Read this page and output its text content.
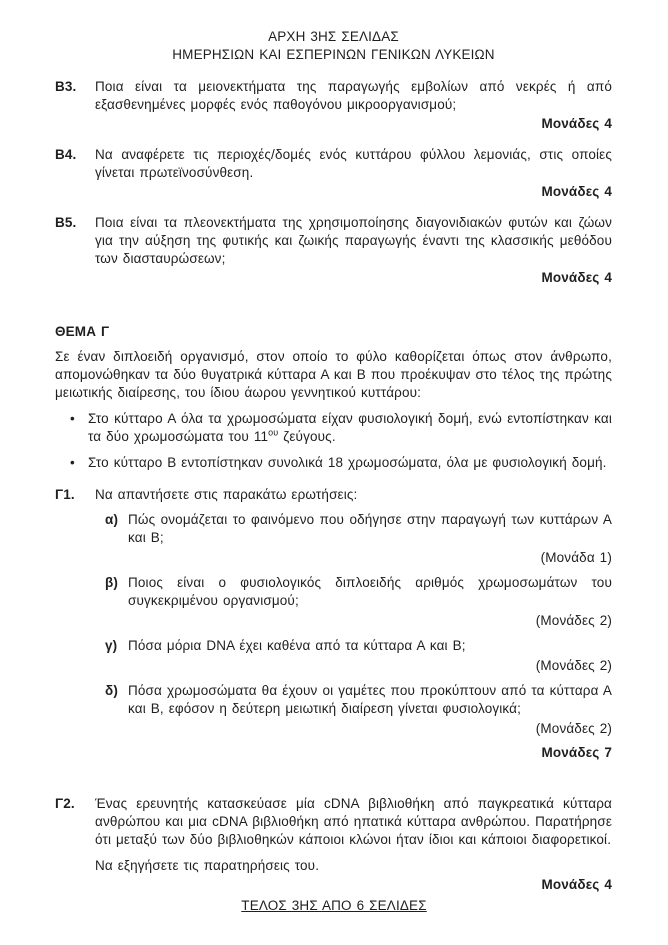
ΑΡΧΗ 3ΗΣ ΣΕΛΙΔΑΣ
ΗΜΕΡΗΣΙΩΝ ΚΑΙ ΕΣΠΕΡΙΝΩΝ ΓΕΝΙΚΩΝ ΛΥΚΕΙΩΝ
Β3.	Ποια είναι τα μειονεκτήματα της παραγωγής εμβολίων από νεκρές ή από εξασθενημένες μορφές ενός παθογόνου μικροοργανισμού;

Μονάδες 4
Β4.	Να αναφέρετε τις περιοχές/δομές ενός κυττάρου φύλλου λεμονιάς, στις οποίες γίνεται πρωτεϊνοσύνθεση.

Μονάδες 4
Β5.	Ποια είναι τα πλεονεκτήματα της χρησιμοποίησης διαγονιδιακών φυτών και ζώων για την αύξηση της φυτικής και ζωικής παραγωγής έναντι της κλασσικής μεθόδου των διασταυρώσεων;

Μονάδες 4
ΘΕΜΑ Γ

Σε έναν διπλοειδή οργανισμό, στον οποίο το φύλο καθορίζεται όπως στον άνθρωπο, απομονώθηκαν τα δύο θυγατρικά κύτταρα Α και Β που προέκυψαν στο τέλος της πρώτης μειωτικής διαίρεσης, του ίδιου άωρου γεννητικού κυττάρου:

• Στο κύτταρο Α όλα τα χρωμοσώματα είχαν φυσιολογική δομή, ενώ εντοπίστηκαν και τα δύο χρωμοσώματα του $11^{o\upsilon}$ ζεύγους.
• Στο κύτταρο Β εντοπίστηκαν συνολικά 18 χρωμοσώματα, όλα με φυσιολογική δομή.
Γ1.	Να απαντήσετε στις παρακάτω ερωτήσεις:

α) Πώς ονομάζεται το φαινόμενο που οδήγησε στην παραγωγή των κυττάρων Α και Β;

(Μονάδα 1)
β) Ποιος είναι ο φυσιολογικός διπλοειδής αριθμός χρωμοσωμάτων του συγκεκριμένου οργανισμού;

(Μονάδες 2)
γ) Πόσα μόρια DNA έχει καθένα από τα κύτταρα Α και Β;

(Μονάδες 2)
δ) Πόσα χρωμοσώματα θα έχουν οι γαμέτες που προκύπτουν από τα κύτταρα Α και Β, εφόσον η δεύτερη μειωτική διαίρεση γίνεται φυσιολογικά;

(Μονάδες 2)
Μονάδες 7
Γ2.	Ένας ερευνητής κατασκεύασε μία cDNA βιβλιοθήκη από παγκρεατικά κύτταρα ανθρώπου και μια cDNA βιβλιοθήκη από ηπατικά κύτταρα ανθρώπου. Παρατήρησε ότι μεταξύ των δύο βιβλιοθηκών κάποιοι κλώνοι ήταν ίδιοι και κάποιοι διαφορετικοί.

Να εξηγήσετε τις παρατηρήσεις του.

Μονάδες 4
ΤΕΛΟΣ 3ΗΣ ΑΠΟ 6 ΣΕΛΙΔΕΣ
